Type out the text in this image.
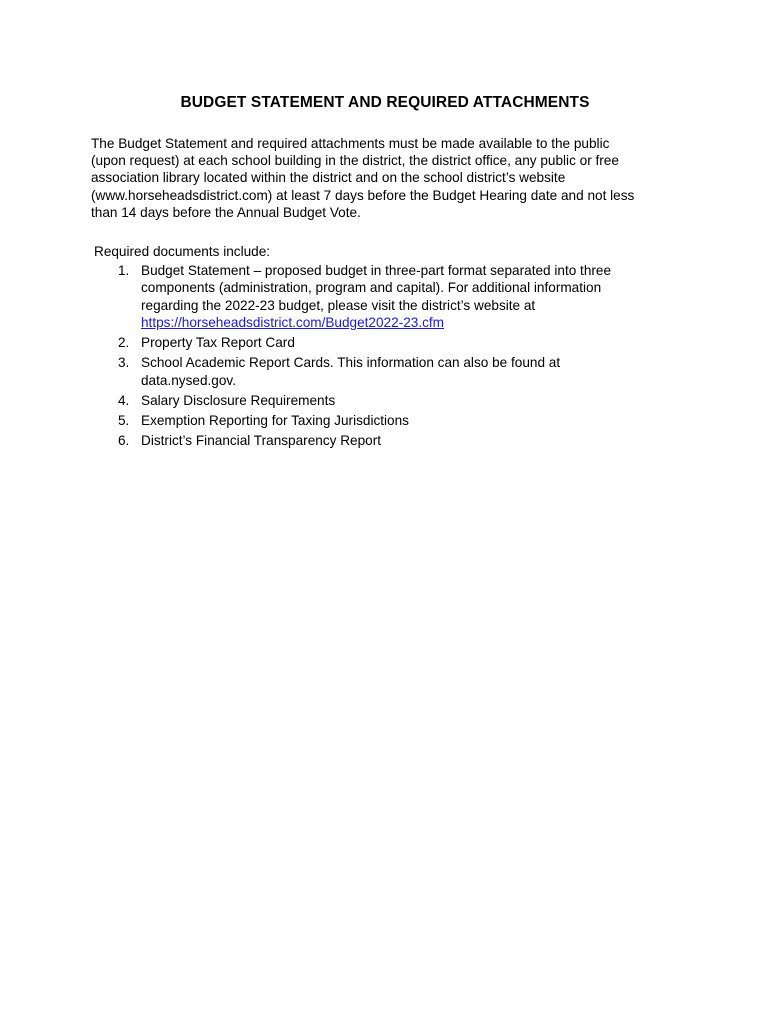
BUDGET STATEMENT AND REQUIRED ATTACHMENTS
The Budget Statement and required attachments must be made available to the public
(upon request) at each school building in the district, the district office, any public or free
association library located within the district and on the school district’s website
(www.horseheadsdistrict.com) at least 7 days before the Budget Hearing date and not less
than 14 days before the Annual Budget Vote.
Required documents include:
1. Budget Statement – proposed budget in three-part format separated into three
components (administration, program and capital). For additional information
regarding the 2022-23 budget, please visit the district’s website at
https://horseheadsdistrict.com/Budget2022-23.cfm
2. Property Tax Report Card
3. School Academic Report Cards. This information can also be found at
data.nysed.gov.
4. Salary Disclosure Requirements
5. Exemption Reporting for Taxing Jurisdictions
6. District’s Financial Transparency Report
